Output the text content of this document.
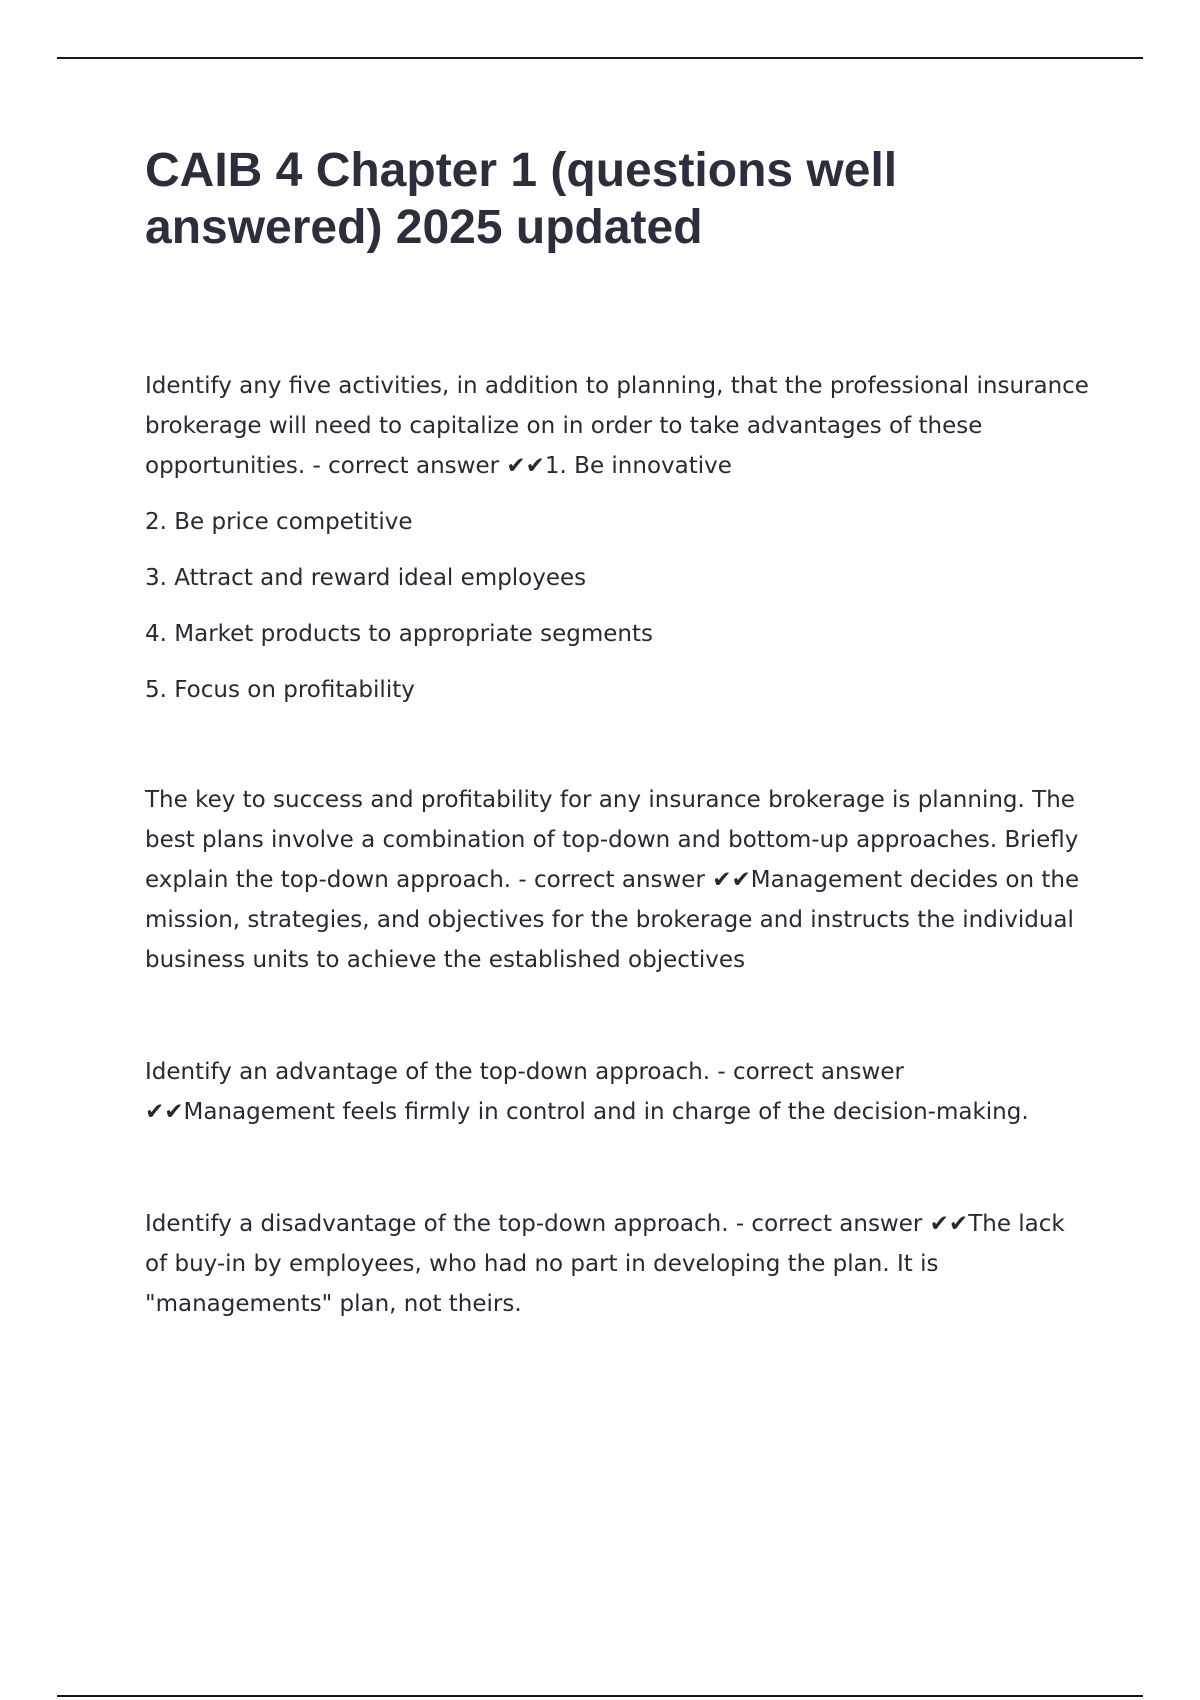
CAIB 4 Chapter 1 (questions well answered) 2025 updated

Identify any five activities, in addition to planning, that the professional insurance brokerage will need to capitalize on in order to take advantages of these opportunities. - correct answer ✔✔1. Be innovative

2. Be price competitive
3. Attract and reward ideal employees
4. Market products to appropriate segments
5. Focus on profitability

The key to success and profitability for any insurance brokerage is planning. The best plans involve a combination of top-down and bottom-up approaches. Briefly explain the top-down approach. - correct answer ✔✔Management decides on the mission, strategies, and objectives for the brokerage and instructs the individual business units to achieve the established objectives

Identify an advantage of the top-down approach. - correct answer ✔✔Management feels firmly in control and in charge of the decision-making.

Identify a disadvantage of the top-down approach. - correct answer ✔✔The lack of buy-in by employees, who had no part in developing the plan. It is "managements" plan, not theirs.
